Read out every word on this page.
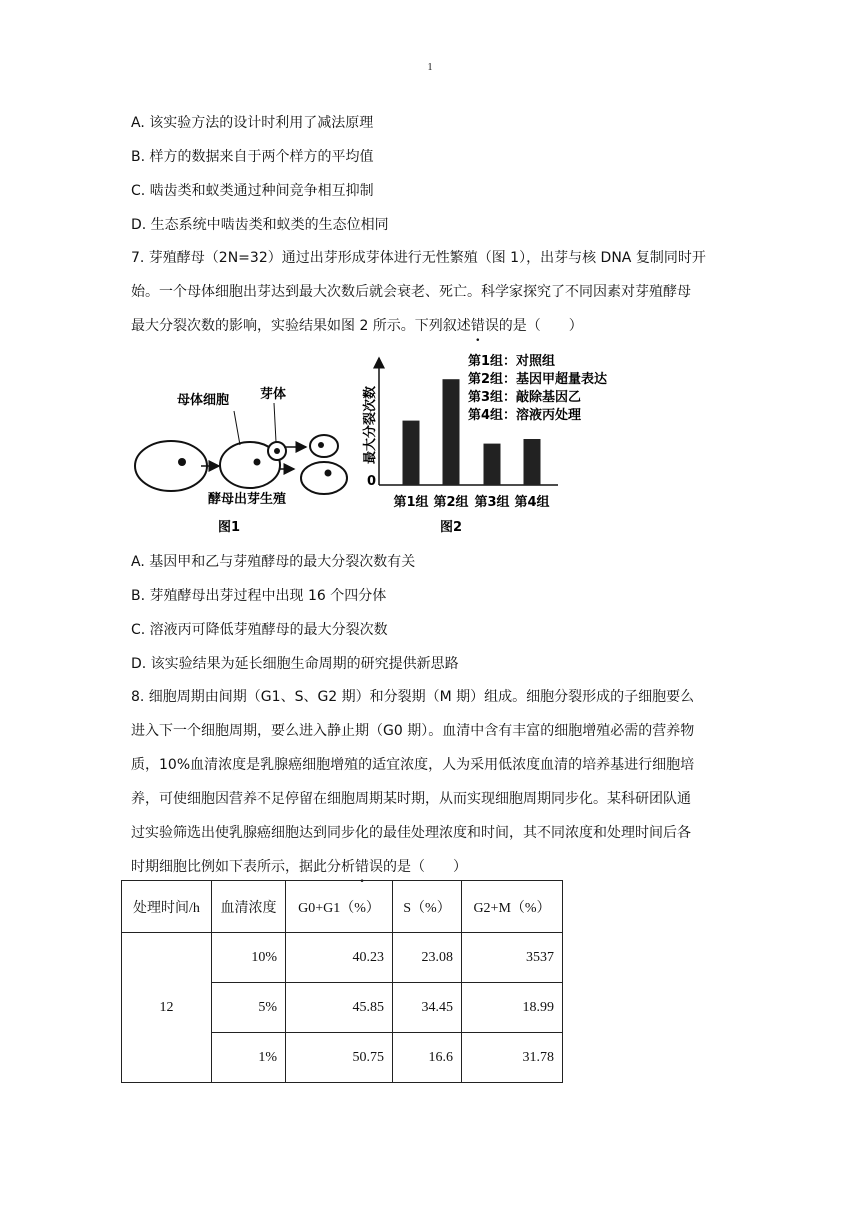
1
A. 该实验方法的设计时利用了减法原理
B. 样方的数据来自于两个样方的平均值
C. 啮齿类和蚁类通过种间竞争相互抑制
D. 生态系统中啮齿类和蚁类的生态位相同
7. 芽殖酵母（2N=32）通过出芽形成芽体进行无性繁殖（图 1），出芽与核 DNA 复制同时开
始。一个母体细胞出芽达到最大次数后就会衰老、死亡。科学家探究了不同因素对芽殖酵母
最大分裂次数的影响，实验结果如图 2 所示。下列叙述错误的是（　　）
母体细胞 芽体
酵母出芽生殖
图1
0
最大分裂次数
第1组 第2组 第3组 第4组
图2
第1组：对照组
第2组：基因甲超量表达
第3组：敲除基因乙
第4组：溶液丙处理
A. 基因甲和乙与芽殖酵母的最大分裂次数有关
B. 芽殖酵母出芽过程中出现 16 个四分体
C. 溶液丙可降低芽殖酵母的最大分裂次数
D. 该实验结果为延长细胞生命周期的研究提供新思路
8. 细胞周期由间期（G1、S、G2 期）和分裂期（M 期）组成。细胞分裂形成的子细胞要么
进入下一个细胞周期，要么进入静止期（G0 期）。血清中含有丰富的细胞增殖必需的营养物
质，10%血清浓度是乳腺癌细胞增殖的适宜浓度，人为采用低浓度血清的培养基进行细胞培
养，可使细胞因营养不足停留在细胞周期某时期，从而实现细胞周期同步化。某科研团队通
过实验筛选出使乳腺癌细胞达到同步化的最佳处理浓度和时间，其不同浓度和处理时间后各
时期细胞比例如下表所示，据此分析错误的是（　　）
处理时间/h	血清浓度	G0+G1（%）	S（%）	G2+M（%）
12	10%	40.23	23.08	3537
	5%	45.85	34.45	18.99
	1%	50.75	16.6	31.78
